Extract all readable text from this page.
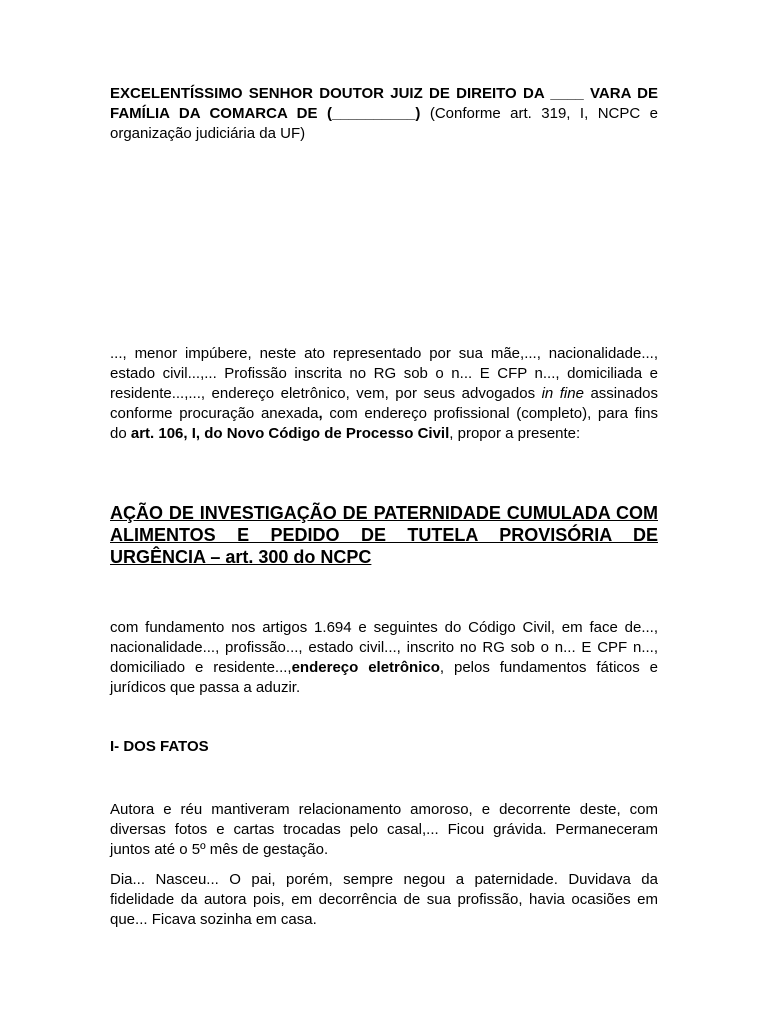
EXCELENTÍSSIMO SENHOR DOUTOR JUIZ DE DIREITO DA ____ VARA DE FAMÍLIA DA COMARCA DE (__________) (Conforme art. 319, I, NCPC e organização judiciária da UF)

..., menor impúbere, neste ato representado por sua mãe,..., nacionalidade..., estado civil...,... Profissão inscrita no RG sob o n... E CFP n..., domiciliada e residente...,..., endereço eletrônico, vem, por seus advogados in fine assinados conforme procuração anexada, com endereço profissional (completo), para fins do art. 106, I, do Novo Código de Processo Civil, propor a presente:

AÇÃO DE INVESTIGAÇÃO DE PATERNIDADE CUMULADA COM ALIMENTOS E PEDIDO DE TUTELA PROVISÓRIA DE URGÊNCIA – art. 300 do NCPC

com fundamento nos artigos 1.694 e seguintes do Código Civil, em face de..., nacionalidade..., profissão..., estado civil..., inscrito no RG sob o n... E CPF n..., domiciliado e residente...,endereço eletrônico, pelos fundamentos fáticos e jurídicos que passa a aduzir.

I- DOS FATOS

Autora e réu mantiveram relacionamento amoroso, e decorrente deste, com diversas fotos e cartas trocadas pelo casal,... Ficou grávida. Permaneceram juntos até o 5º mês de gestação.

Dia... Nasceu... O pai, porém, sempre negou a paternidade. Duvidava da fidelidade da autora pois, em decorrência de sua profissão, havia ocasiões em que... Ficava sozinha em casa.
